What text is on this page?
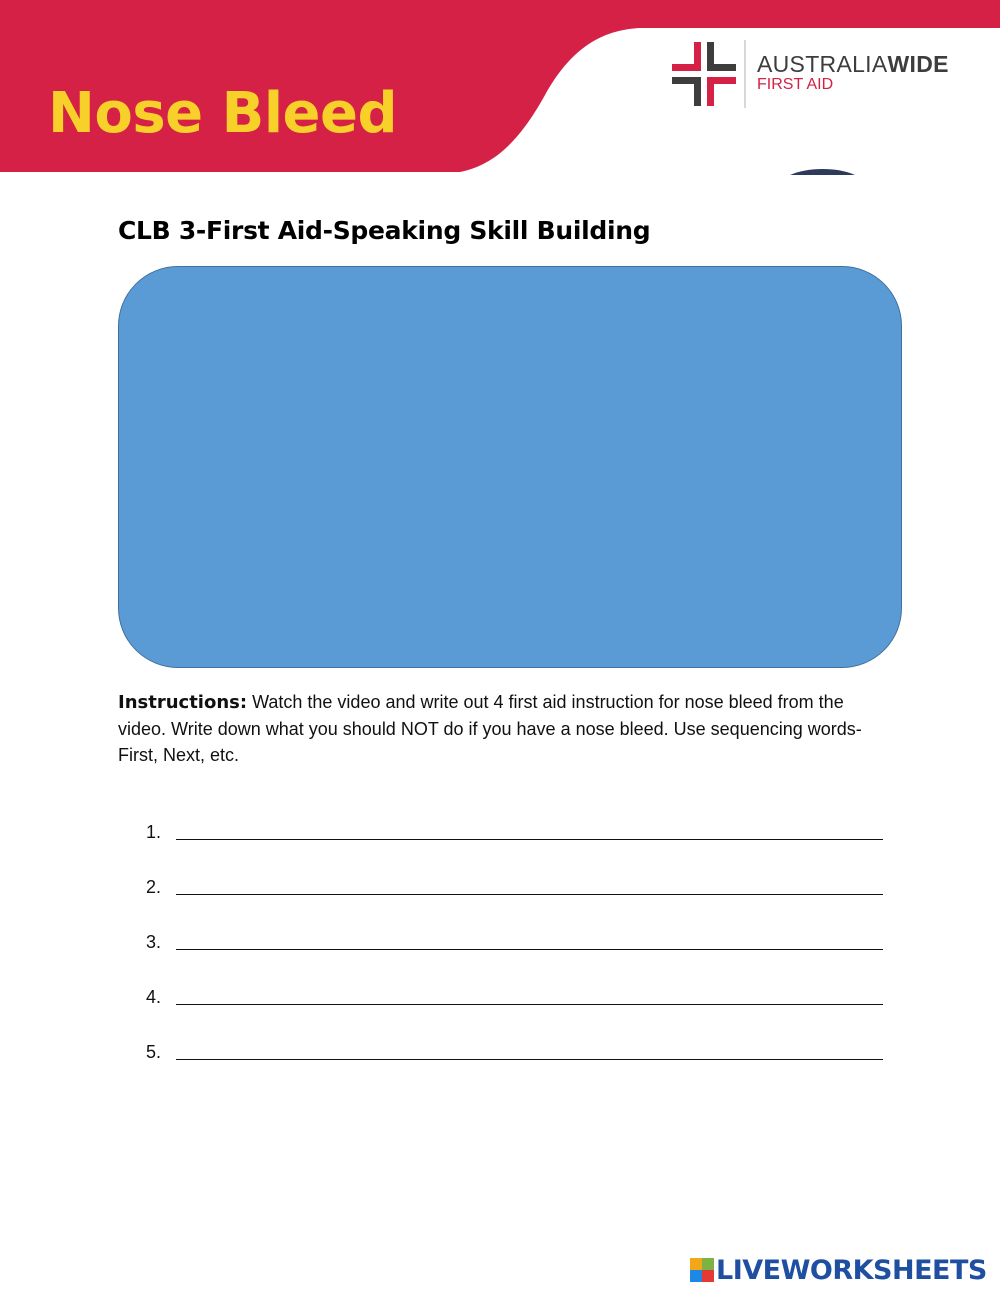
Nose Bleed
AUSTRALIAWIDE
FIRST AID
CLB 3-First Aid-Speaking Skill Building
Instructions: Watch the video and write out 4 first aid instruction for nose bleed from the video. Write down what you should NOT do if you have a nose bleed. Use sequencing words-First, Next, etc.
1.
2.
3.
4.
5.
LIVEWORKSHEETS
